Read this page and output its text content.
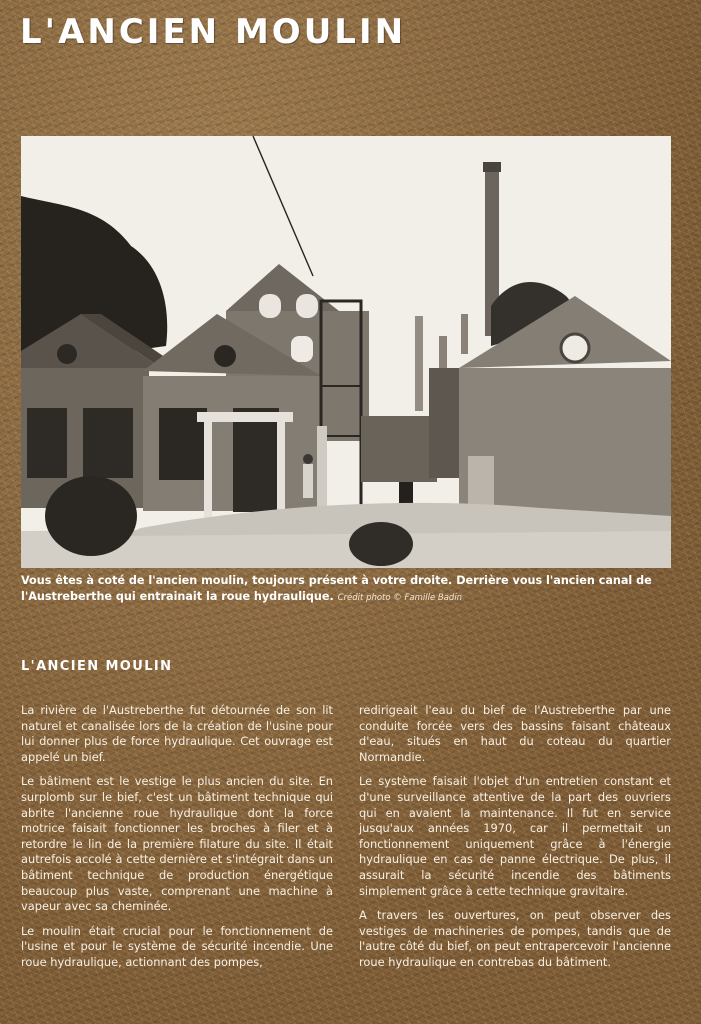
L'ANCIEN MOULIN
Vous êtes à coté de l'ancien moulin, toujours présent à votre droite. Derrière vous l'ancien canal de l'Austreberthe qui entrainait la roue hydraulique. Crédit photo © Famille Badin
L'ANCIEN MOULIN

La rivière de l'Austreberthe fut détournée de son lit naturel et canalisée lors de la création de l'usine pour lui donner plus de force hydraulique. Cet ouvrage est appelé un bief.

Le bâtiment est le vestige le plus ancien du site. En surplomb sur le bief, c'est un bâtiment technique qui abrite l'ancienne roue hydraulique dont la force motrice faisait fonctionner les broches à filer et à retordre le lin de la première filature du site. Il était autrefois accolé à cette dernière et s'intégrait dans un bâtiment technique de production énergétique beaucoup plus vaste, comprenant une machine à vapeur avec sa cheminée.

Le moulin était crucial pour le fonctionnement de l'usine et pour le système de sécurité incendie. Une roue hydraulique, actionnant des pompes,

redirigeait l'eau du bief de l'Austreberthe par une conduite forcée vers des bassins faisant châteaux d'eau, situés en haut du coteau du quartier Normandie.

Le système faisait l'objet d'un entretien constant et d'une surveillance attentive de la part des ouvriers qui en avaient la maintenance. Il fut en service jusqu'aux années 1970, car il permettait un fonctionnement uniquement grâce à l'énergie hydraulique en cas de panne électrique. De plus, il assurait la sécurité incendie des bâtiments simplement grâce à cette technique gravitaire.

A travers les ouvertures, on peut observer des vestiges de machineries de pompes, tandis que de l'autre côté du bief, on peut entrapercevoir l'ancienne roue hydraulique en contrebas du bâtiment.
